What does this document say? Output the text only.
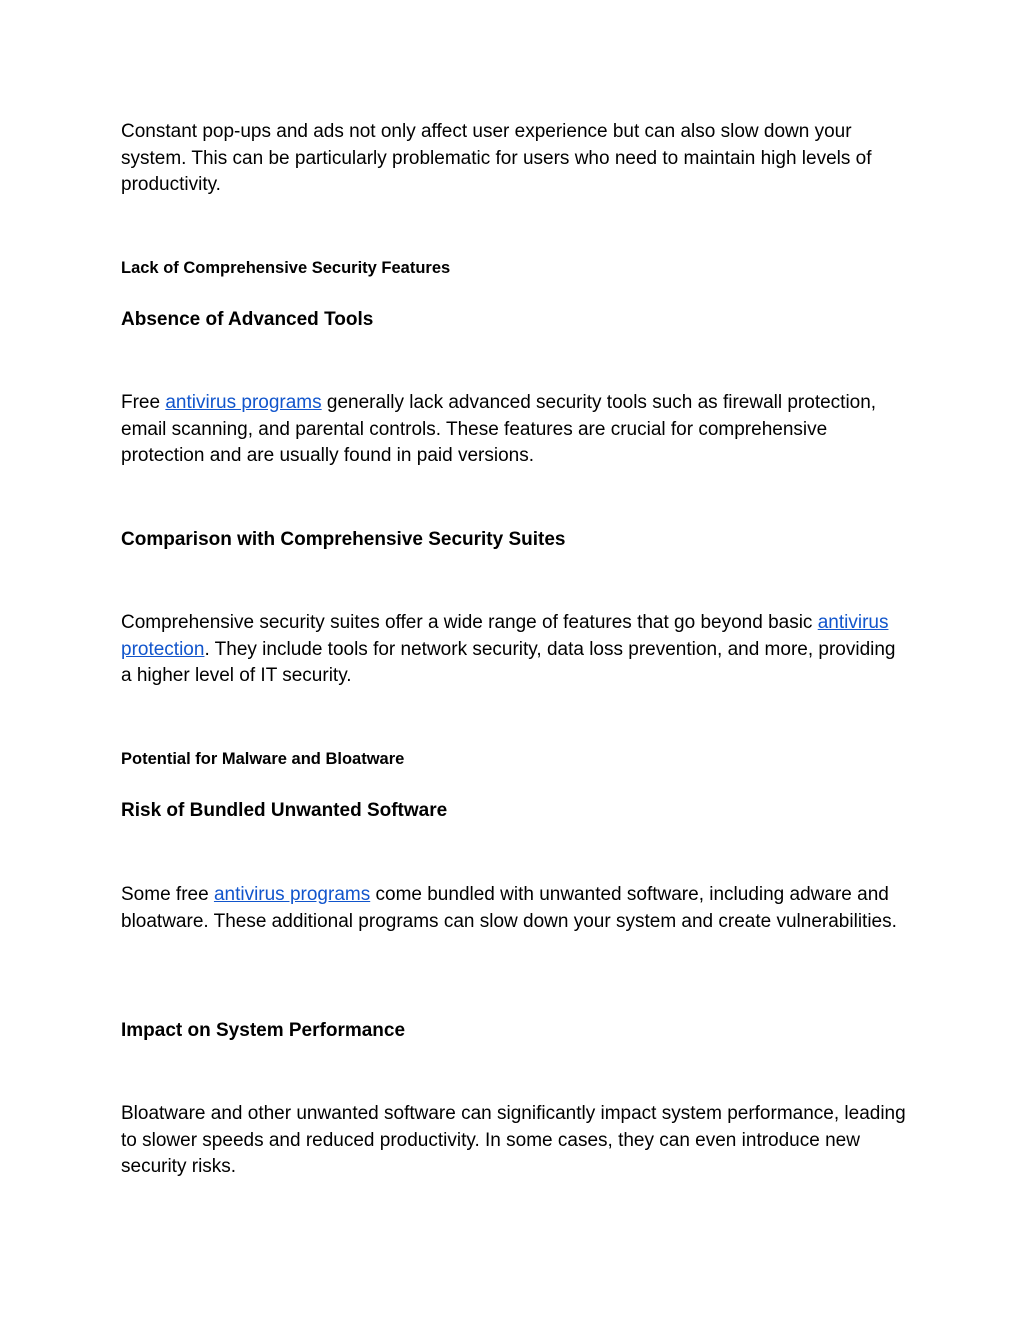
Constant pop-ups and ads not only affect user experience but can also slow down your system. This can be particularly problematic for users who need to maintain high levels of productivity.

Lack of Comprehensive Security Features
Absence of Advanced Tools

Free antivirus programs generally lack advanced security tools such as firewall protection, email scanning, and parental controls. These features are crucial for comprehensive protection and are usually found in paid versions.

Comparison with Comprehensive Security Suites

Comprehensive security suites offer a wide range of features that go beyond basic antivirus protection. They include tools for network security, data loss prevention, and more, providing a higher level of IT security.

Potential for Malware and Bloatware
Risk of Bundled Unwanted Software

Some free antivirus programs come bundled with unwanted software, including adware and bloatware. These additional programs can slow down your system and create vulnerabilities.

Impact on System Performance

Bloatware and other unwanted software can significantly impact system performance, leading to slower speeds and reduced productivity. In some cases, they can even introduce new security risks.
